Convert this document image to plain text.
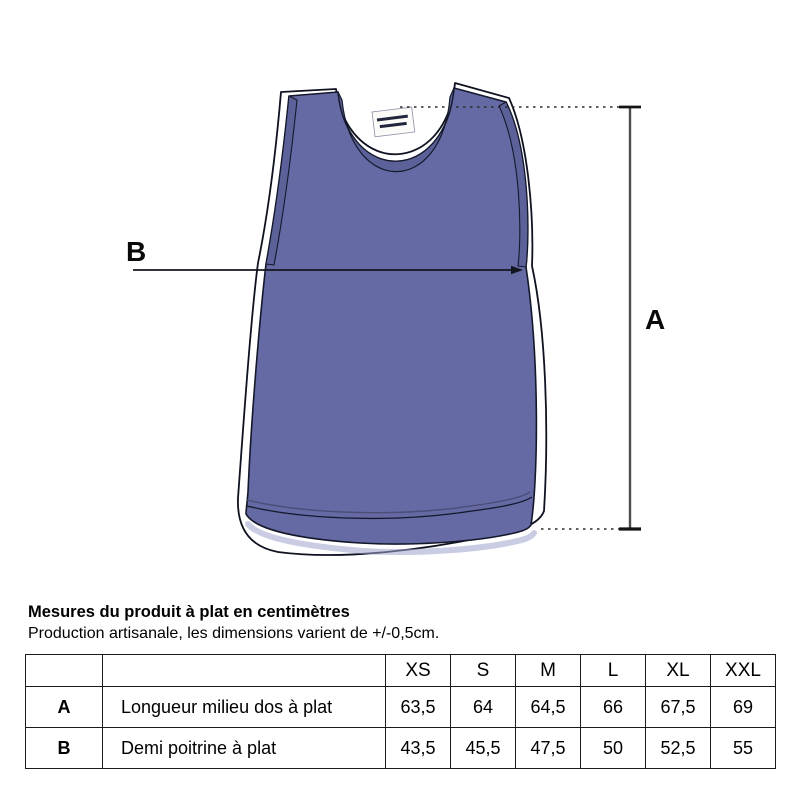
A
B

Mesures du produit à plat en centimètres

Production artisanale, les dimensions varient de +/-0,5cm.

		XS	S	M	L	XL	XXL
A	Longueur milieu dos à plat	63,5	64	64,5	66	67,5	69
B	Demi poitrine à plat	43,5	45,5	47,5	50	52,5	55
